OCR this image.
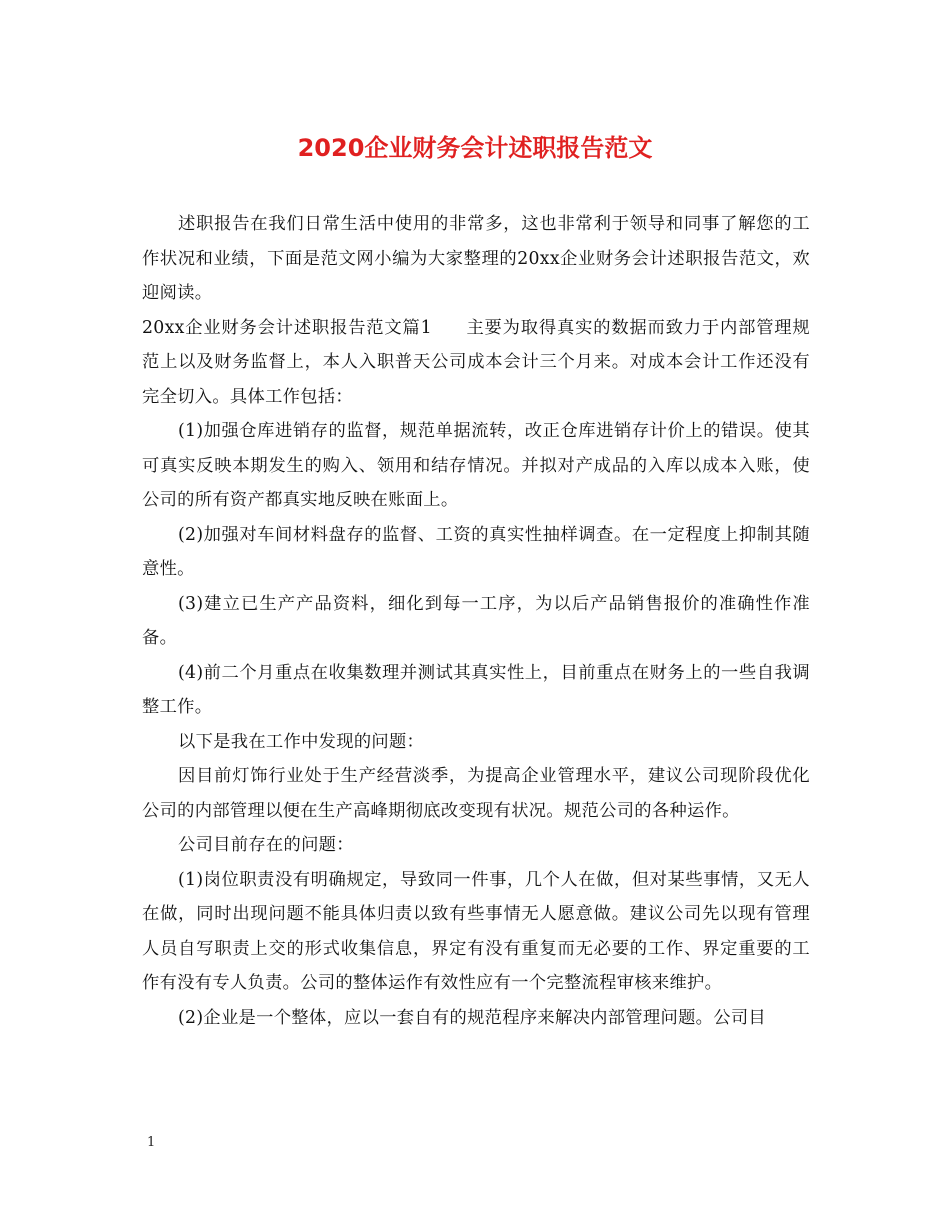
2020企业财务会计述职报告范文

述职报告在我们日常生活中使用的非常多，这也非常利于领导和同事了解您的工作状况和业绩，下面是范文网小编为大家整理的20xx企业财务会计述职报告范文，欢迎阅读。

20xx企业财务会计述职报告范文篇1 主要为取得真实的数据而致力于内部管理规范上以及财务监督上，本人入职普天公司成本会计三个月来。对成本会计工作还没有完全切入。具体工作包括：

(1)加强仓库进销存的监督，规范单据流转，改正仓库进销存计价上的错误。使其可真实反映本期发生的购入、领用和结存情况。并拟对产成品的入库以成本入账，使公司的所有资产都真实地反映在账面上。

(2)加强对车间材料盘存的监督、工资的真实性抽样调查。在一定程度上抑制其随意性。

(3)建立已生产产品资料，细化到每一工序，为以后产品销售报价的准确性作准备。

(4)前二个月重点在收集数理并测试其真实性上，目前重点在财务上的一些自我调整工作。

以下是我在工作中发现的问题：

因目前灯饰行业处于生产经营淡季，为提高企业管理水平，建议公司现阶段优化公司的内部管理以便在生产高峰期彻底改变现有状况。规范公司的各种运作。

公司目前存在的问题：

(1)岗位职责没有明确规定，导致同一件事，几个人在做，但对某些事情，又无人在做，同时出现问题不能具体归责以致有些事情无人愿意做。建议公司先以现有管理人员自写职责上交的形式收集信息，界定有没有重复而无必要的工作、界定重要的工作有没有专人负责。公司的整体运作有效性应有一个完整流程审核来维护。

(2)企业是一个整体，应以一套自有的规范程序来解决内部管理问题。公司目

1
